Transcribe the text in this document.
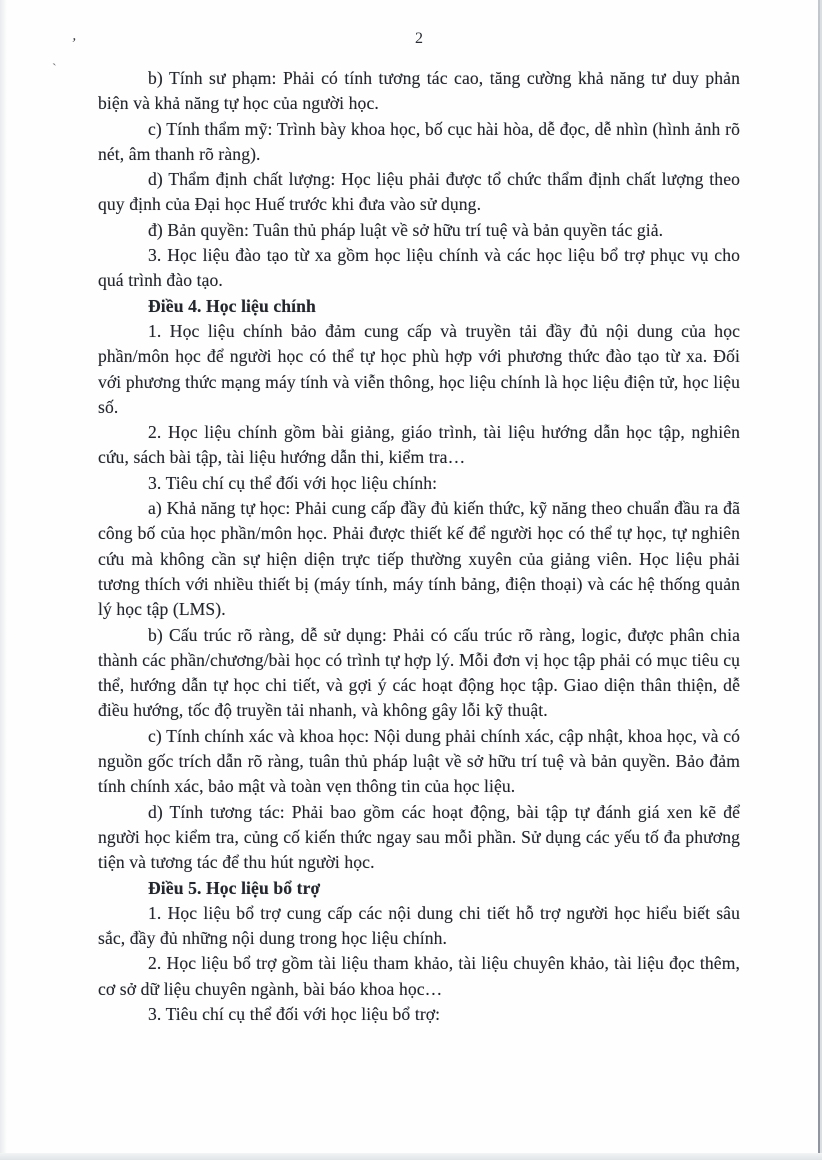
’
`
2

b) Tính sư phạm: Phải có tính tương tác cao, tăng cường khả năng tư duy phản biện và khả năng tự học của người học.

c) Tính thẩm mỹ: Trình bày khoa học, bố cục hài hòa, dễ đọc, dễ nhìn (hình ảnh rõ nét, âm thanh rõ ràng).

d) Thẩm định chất lượng: Học liệu phải được tổ chức thẩm định chất lượng theo quy định của Đại học Huế trước khi đưa vào sử dụng.

đ) Bản quyền: Tuân thủ pháp luật về sở hữu trí tuệ và bản quyền tác giả.

3. Học liệu đào tạo từ xa gồm học liệu chính và các học liệu bổ trợ phục vụ cho quá trình đào tạo.

Điều 4. Học liệu chính

1. Học liệu chính bảo đảm cung cấp và truyền tải đầy đủ nội dung của học phần/môn học để người học có thể tự học phù hợp với phương thức đào tạo từ xa. Đối với phương thức mạng máy tính và viễn thông, học liệu chính là học liệu điện tử, học liệu số.

2. Học liệu chính gồm bài giảng, giáo trình, tài liệu hướng dẫn học tập, nghiên cứu, sách bài tập, tài liệu hướng dẫn thi, kiểm tra…

3. Tiêu chí cụ thể đối với học liệu chính:

a) Khả năng tự học: Phải cung cấp đầy đủ kiến thức, kỹ năng theo chuẩn đầu ra đã công bố của học phần/môn học. Phải được thiết kế để người học có thể tự học, tự nghiên cứu mà không cần sự hiện diện trực tiếp thường xuyên của giảng viên. Học liệu phải tương thích với nhiều thiết bị (máy tính, máy tính bảng, điện thoại) và các hệ thống quản lý học tập (LMS).

b) Cấu trúc rõ ràng, dễ sử dụng: Phải có cấu trúc rõ ràng, logic, được phân chia thành các phần/chương/bài học có trình tự hợp lý. Mỗi đơn vị học tập phải có mục tiêu cụ thể, hướng dẫn tự học chi tiết, và gợi ý các hoạt động học tập. Giao diện thân thiện, dễ điều hướng, tốc độ truyền tải nhanh, và không gây lỗi kỹ thuật.

c) Tính chính xác và khoa học: Nội dung phải chính xác, cập nhật, khoa học, và có nguồn gốc trích dẫn rõ ràng, tuân thủ pháp luật về sở hữu trí tuệ và bản quyền. Bảo đảm tính chính xác, bảo mật và toàn vẹn thông tin của học liệu.

d) Tính tương tác: Phải bao gồm các hoạt động, bài tập tự đánh giá xen kẽ để người học kiểm tra, củng cố kiến thức ngay sau mỗi phần. Sử dụng các yếu tố đa phương tiện và tương tác để thu hút người học.

Điều 5. Học liệu bổ trợ

1. Học liệu bổ trợ cung cấp các nội dung chi tiết hỗ trợ người học hiểu biết sâu sắc, đầy đủ những nội dung trong học liệu chính.

2. Học liệu bổ trợ gồm tài liệu tham khảo, tài liệu chuyên khảo, tài liệu đọc thêm, cơ sở dữ liệu chuyên ngành, bài báo khoa học…

3. Tiêu chí cụ thể đối với học liệu bổ trợ:
